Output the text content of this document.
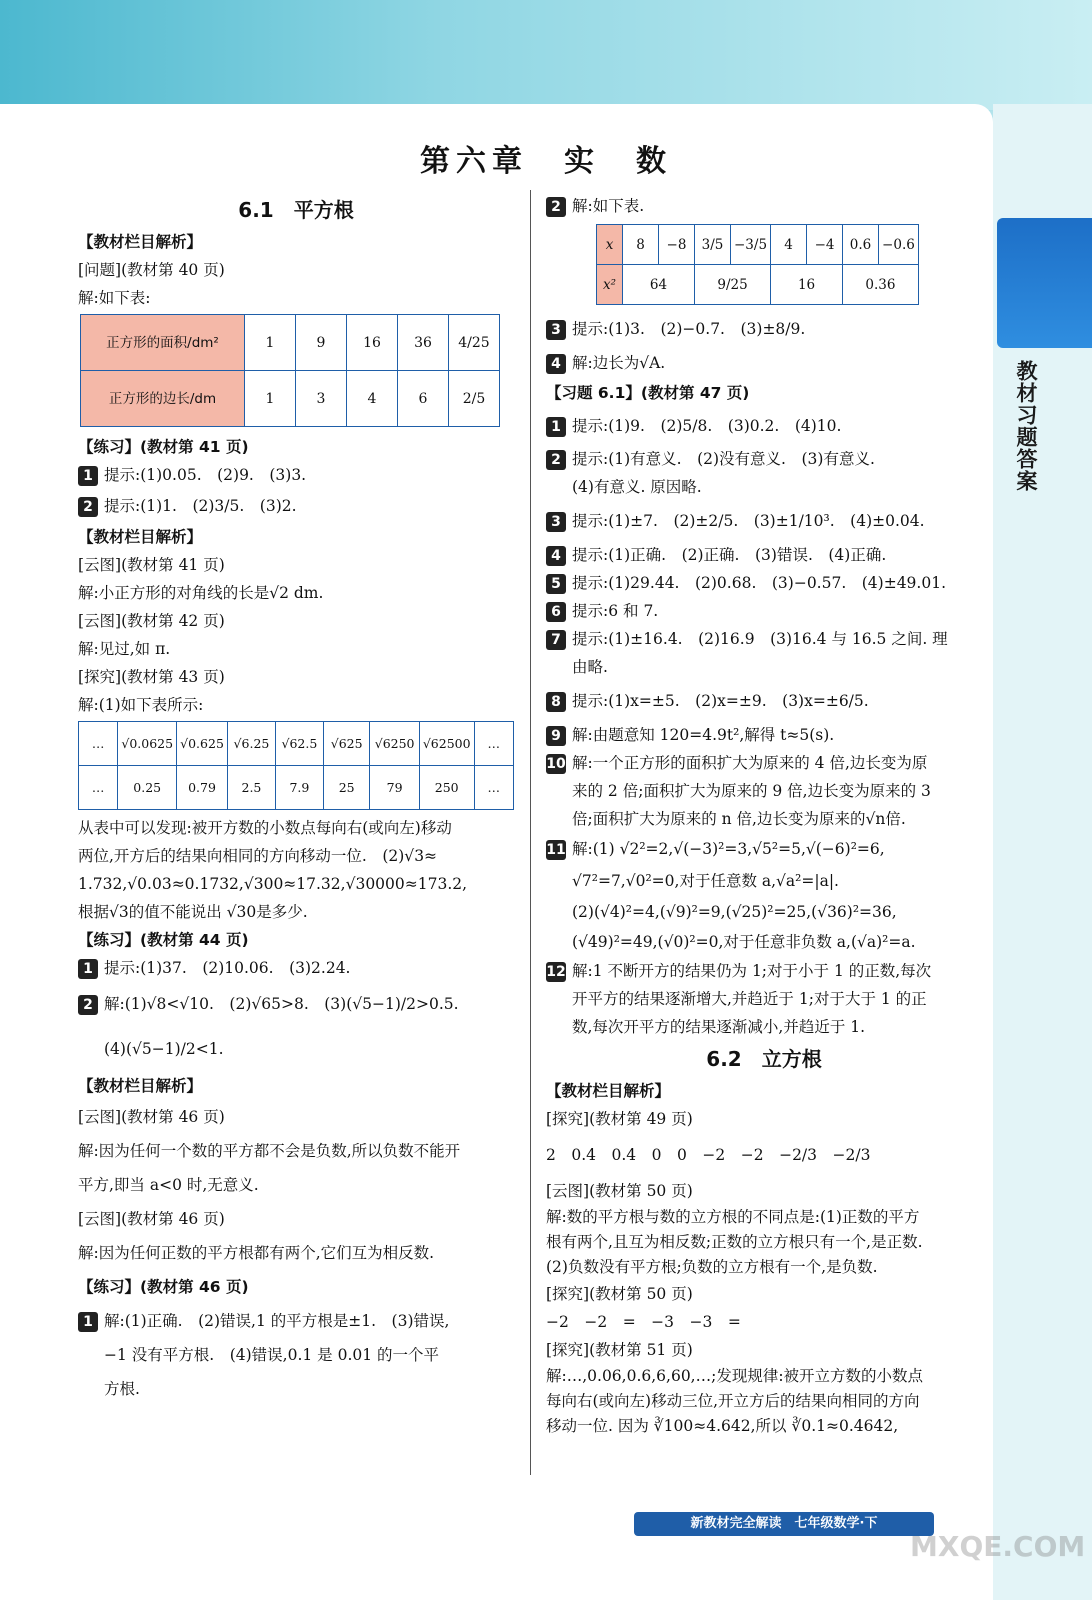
教材习题答案
第六章　实　数
6.1　平方根
【教材栏目解析】
[问题](教材第 40 页)
解:如下表:
正方形的面积/dm²	1	9	16	36	4/25
正方形的边长/dm	1	3	4	6	2/5
【练习】(教材第 41 页)
1 提示:(1)0.05.　(2)9.　(3)3.
2 提示:(1)1.　(2)3/5.　(3)2.
【教材栏目解析】
[云图](教材第 41 页)
解:小正方形的对角线的长是√2 dm.
[云图](教材第 42 页)
解:见过,如 π.
[探究](教材第 43 页)
解:(1)如下表所示:
…	√0.0625	√0.625	√6.25	√62.5	√625	√6250	√62500	…
…	0.25	0.79	2.5	7.9	25	79	250	…
从表中可以发现:被开方数的小数点每向右(或向左)移动
两位,开方后的结果向相同的方向移动一位.　(2)√3≈
1.732,√0.03≈0.1732,√300≈17.32,√30000≈173.2,
根据√3的值不能说出 √30是多少.
【练习】(教材第 44 页)
1 提示:(1)37.　(2)10.06.　(3)2.24.
2 解:(1)√8<√10.　(2)√65>8.　(3)(√5−1)/2>0.5.
(4)(√5−1)/2<1.
【教材栏目解析】
[云图](教材第 46 页)
解:因为任何一个数的平方都不会是负数,所以负数不能开
平方,即当 a<0 时,无意义.
[云图](教材第 46 页)
解:因为任何正数的平方根都有两个,它们互为相反数.
【练习】(教材第 46 页)
1 解:(1)正确.　(2)错误,1 的平方根是±1.　(3)错误,
−1 没有平方根.　(4)错误,0.1 是 0.01 的一个平
方根.
2 解:如下表.
x	8	−8	3/5	−3/5	4	−4	0.6	−0.6
x²	64		9/25		16		0.36	
3 提示:(1)3.　(2)−0.7.　(3)±8/9.
4 解:边长为√A.
【习题 6.1】(教材第 47 页)
1 提示:(1)9.　(2)5/8.　(3)0.2.　(4)10.
2 提示:(1)有意义.　(2)没有意义.　(3)有意义.
(4)有意义. 原因略.
3 提示:(1)±7.　(2)±2/5.　(3)±1/10³.　(4)±0.04.
4 提示:(1)正确.　(2)正确.　(3)错误.　(4)正确.
5 提示:(1)29.44.　(2)0.68.　(3)−0.57.　(4)±49.01.
6 提示:6 和 7.
7 提示:(1)±16.4.　(2)16.9　(3)16.4 与 16.5 之间. 理
由略.
8 提示:(1)x=±5.　(2)x=±9.　(3)x=±6/5.
9 解:由题意知 120=4.9t²,解得 t≈5(s).
10 解:一个正方形的面积扩大为原来的 4 倍,边长变为原
来的 2 倍;面积扩大为原来的 9 倍,边长变为原来的 3
倍;面积扩大为原来的 n 倍,边长变为原来的√n倍.
11 解:(1) √2²=2,√(−3)²=3,√5²=5,√(−6)²=6,
√7²=7,√0²=0,对于任意数 a,√a²=|a|.
(2)(√4)²=4,(√9)²=9,(√25)²=25,(√36)²=36,
(√49)²=49,(√0)²=0,对于任意非负数 a,(√a)²=a.
12 解:1 不断开方的结果仍为 1;对于小于 1 的正数,每次
开平方的结果逐渐增大,并趋近于 1;对于大于 1 的正
数,每次开平方的结果逐渐减小,并趋近于 1.
6.2　立方根
【教材栏目解析】
[探究](教材第 49 页)
2　0.4　0.4　0　0　−2　−2　−2/3　−2/3
[云图](教材第 50 页)
解:数的平方根与数的立方根的不同点是:(1)正数的平方
根有两个,且互为相反数;正数的立方根只有一个,是正数.
(2)负数没有平方根;负数的立方根有一个,是负数.
[探究](教材第 50 页)
−2　−2　=　−3　−3　=
[探究](教材第 51 页)
解:…,0.06,0.6,6,60,…;发现规律:被开立方数的小数点
每向右(或向左)移动三位,开立方后的结果向相同的方向
移动一位. 因为 ∛100≈4.642,所以 ∛0.1≈0.4642,
新教材完全解读　七年级数学·下
MXQE.COM
